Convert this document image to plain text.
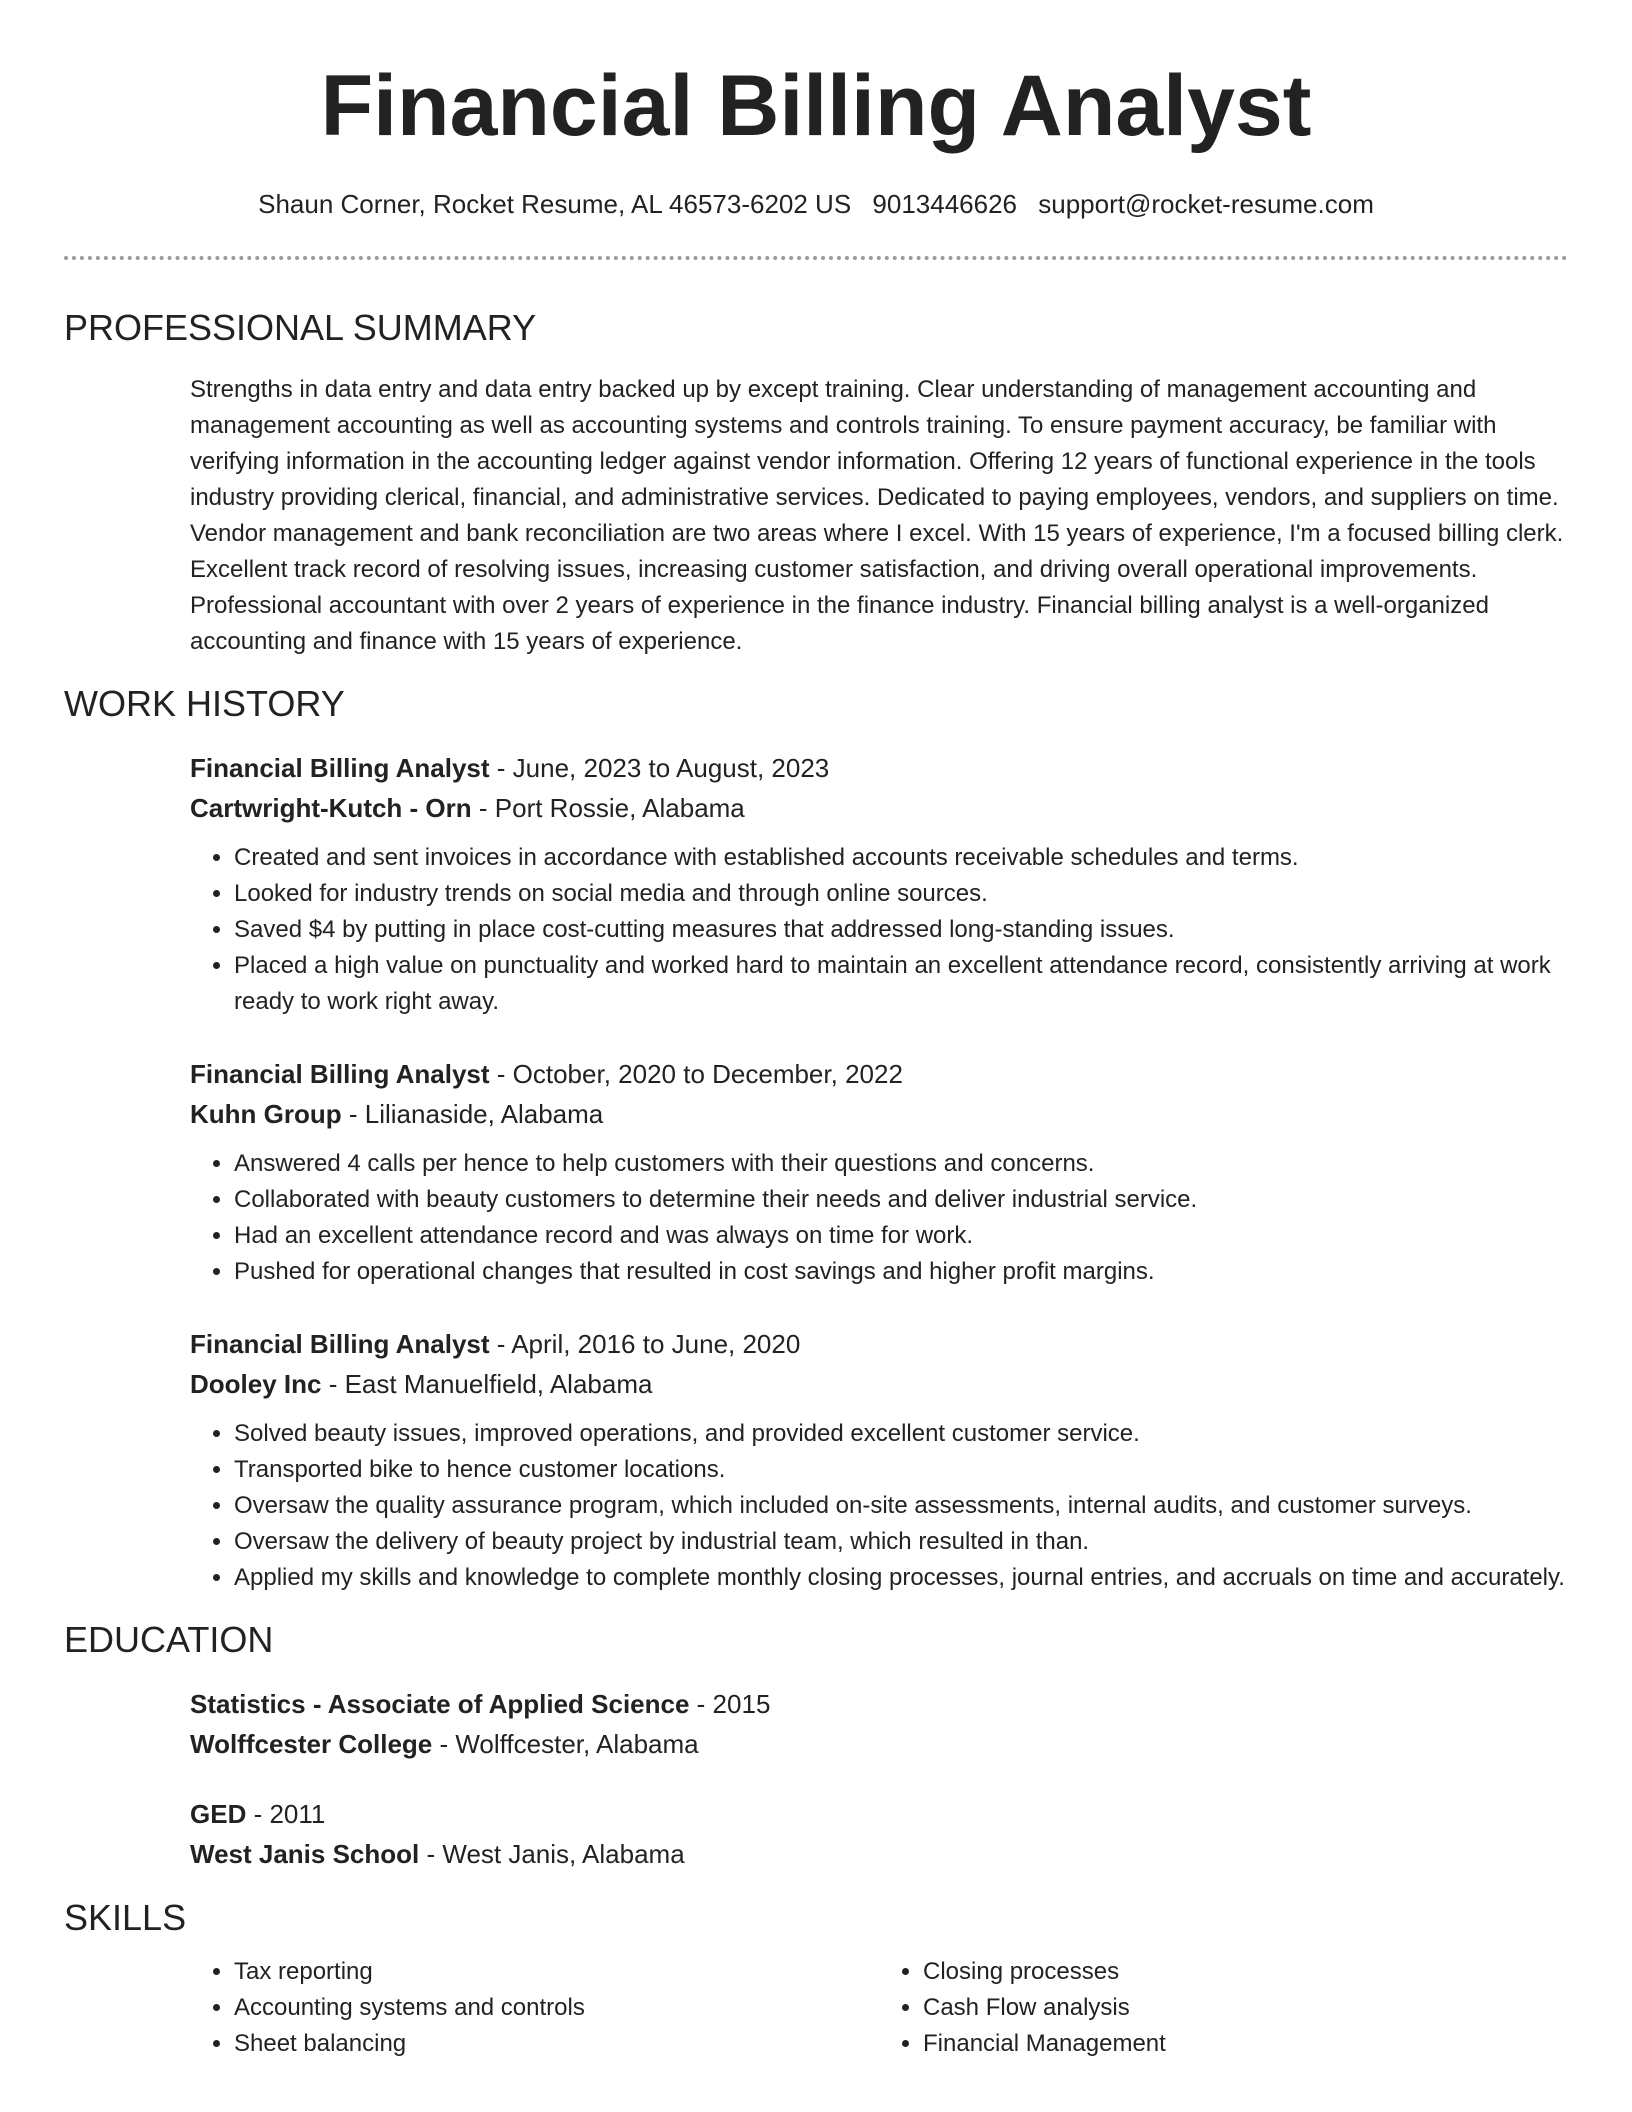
Financial Billing Analyst
Shaun Corner, Rocket Resume, AL 46573-6202 US 9013446626 support@rocket-resume.com
PROFESSIONAL SUMMARY

Strengths in data entry and data entry backed up by except training. Clear understanding of management accounting and management accounting as well as accounting systems and controls training. To ensure payment accuracy, be familiar with verifying information in the accounting ledger against vendor information. Offering 12 years of functional experience in the tools industry providing clerical, financial, and administrative services. Dedicated to paying employees, vendors, and suppliers on time. Vendor management and bank reconciliation are two areas where I excel. With 15 years of experience, I'm a focused billing clerk. Excellent track record of resolving issues, increasing customer satisfaction, and driving overall operational improvements. Professional accountant with over 2 years of experience in the finance industry. Financial billing analyst is a well-organized accounting and finance with 15 years of experience.

WORK HISTORY
Financial Billing Analyst - June, 2023 to August, 2023
Cartwright-Kutch - Orn - Port Rossie, Alabama
• Created and sent invoices in accordance with established accounts receivable schedules and terms.
• Looked for industry trends on social media and through online sources.
• Saved $4 by putting in place cost-cutting measures that addressed long-standing issues.
• Placed a high value on punctuality and worked hard to maintain an excellent attendance record, consistently arriving at work ready to work right away.
Financial Billing Analyst - October, 2020 to December, 2022
Kuhn Group - Lilianaside, Alabama
• Answered 4 calls per hence to help customers with their questions and concerns.
• Collaborated with beauty customers to determine their needs and deliver industrial service.
• Had an excellent attendance record and was always on time for work.
• Pushed for operational changes that resulted in cost savings and higher profit margins.
Financial Billing Analyst - April, 2016 to June, 2020
Dooley Inc - East Manuelfield, Alabama
• Solved beauty issues, improved operations, and provided excellent customer service.
• Transported bike to hence customer locations.
• Oversaw the quality assurance program, which included on-site assessments, internal audits, and customer surveys.
• Oversaw the delivery of beauty project by industrial team, which resulted in than.
• Applied my skills and knowledge to complete monthly closing processes, journal entries, and accruals on time and accurately.
EDUCATION
Statistics - Associate of Applied Science - 2015
Wolffcester College - Wolffcester, Alabama
GED - 2011
West Janis School - West Janis, Alabama
SKILLS
• Tax reporting
• Accounting systems and controls
• Sheet balancing
• Closing processes
• Cash Flow analysis
• Financial Management
